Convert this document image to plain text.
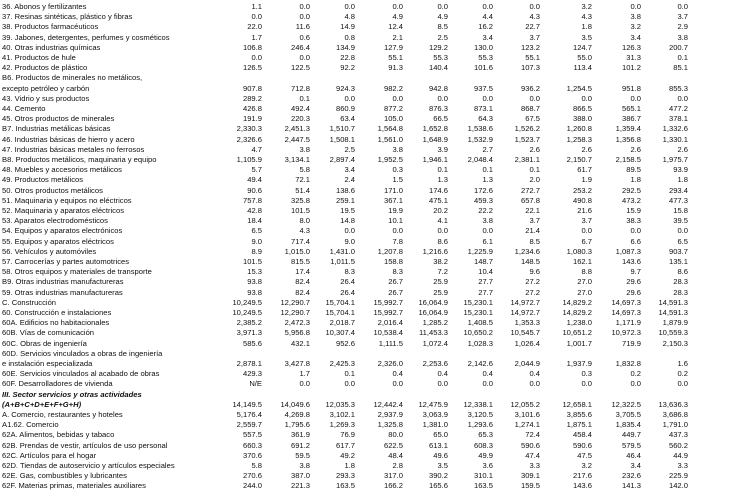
36. Abonos y fertilizantes	1.1	0.0	0.0	0.0	0.0	0.0	0.0	3.2	0.0	0.0
37. Resinas sintéticas, plástico y fibras	0.0	0.0	4.8	4.9	4.9	4.4	4.3	4.3	3.8	3.7
38. Productos farmacéuticos	22.0	11.6	14.9	12.4	8.5	16.2	22.7	1.8	3.2	2.9
39. Jabones, detergentes, perfumes y cosméticos	1.7	0.6	0.8	2.1	2.5	3.4	3.7	3.5	3.4	3.8
40. Otras industrias químicas	106.8	246.4	134.9	127.9	129.2	130.0	123.2	124.7	126.3	200.7
41. Productos de hule	0.0	0.0	22.8	55.1	55.3	55.3	55.1	55.0	31.3	0.1
42. Productos de plástico	126.5	122.5	92.2	91.3	140.4	101.6	107.3	113.4	101.2	85.1
B6. Productos de minerales no metálicos,
excepto petróleo y carbón	907.8	712.8	924.3	982.2	942.8	937.5	936.2	1,254.5	951.8	855.3
43. Vidrio y sus productos	289.2	0.1	0.0	0.0	0.0	0.0	0.0	0.0	0.0	0.0
44. Cemento	426.8	492.4	860.9	877.2	876.3	873.1	868.7	866.5	565.1	477.2
45. Otros productos de minerales	191.9	220.3	63.4	105.0	66.5	64.3	67.5	388.0	386.7	378.1
B7. Industrias metálicas básicas	2,330.3	2,451.3	1,510.7	1,564.8	1,652.8	1,538.6	1,526.2	1,260.8	1,359.4	1,332.6
46. Industrias básicas de hierro y acero	2,326.6	2,447.5	1,508.1	1,561.0	1,648.9	1,532.9	1,523.7	1,258.3	1,356.8	1,330.1
47. Industrias básicas metales no ferrosos	4.7	3.8	2.5	3.8	3.9	2.7	2.6	2.6	2.6	2.6
B8. Productos metálicos, maquinaria y equipo	1,105.9	3,134.1	2,897.4	1,952.5	1,946.1	2,048.4	2,381.1	2,150.7	2,158.5	1,975.7
48. Muebles y accesorios metálicos	5.7	5.8	3.4	0.3	0.1	0.1	0.1	61.7	89.5	93.9
49. Productos metálicos	49.4	72.1	2.4	1.5	1.3	1.3	2.0	1.9	1.8	1.8
50. Otros productos metálicos	90.6	51.4	138.6	171.0	174.6	172.6	272.7	253.2	292.5	293.4
51. Maquinaria y equipos no eléctricos	757.8	325.8	259.1	367.1	475.1	459.3	657.8	490.8	473.2	477.3
52. Maquinaria y aparatos eléctricos	42.8	101.5	19.5	19.9	20.2	22.2	22.1	21.6	15.9	15.8
53. Aparatos electrodomésticos	18.4	8.0	14.8	10.1	4.1	3.8	3.7	3.7	38.3	39.5
54. Equipos y aparatos electrónicos	6.5	4.3	0.0	0.0	0.0	0.0	21.4	0.0	0.0	0.0
55. Equipos y aparatos eléctricos	9.0	717.4	9.0	7.8	8.6	6.1	8.5	6.7	6.6	6.5
56. Vehículos y automóviles	8.9	1,015.0	1,431.0	1,207.8	1,216.6	1,225.9	1,234.6	1,080.3	1,087.3	903.7
57. Carrocerías y partes automotrices	101.5	815.5	1,011.5	158.8	38.2	148.7	148.5	162.1	143.6	135.1
58. Otros equipos y materiales de transporte	15.3	17.4	8.3	8.3	7.2	10.4	9.6	8.8	9.7	8.6
B9. Otras industrias manufactureras	93.8	82.4	26.4	26.7	25.9	27.7	27.2	27.0	29.6	28.3
59. Otras industrias manufactureras	93.8	82.4	26.4	26.7	25.9	27.7	27.2	27.0	29.6	28.3
C. Construcción	10,249.5	12,290.7	15,704.1	15,992.7	16,064.9	15,230.1	14,972.7	14,829.2	14,697.3	14,591.3
60. Construcción e instalaciones	10,249.5	12,290.7	15,704.1	15,992.7	16,064.9	15,230.1	14,972.7	14,829.2	14,697.3	14,591.3
60A. Edificios no habitacionales	2,385.2	2,472.3	2,018.7	2,016.4	1,285.2	1,408.5	1,353.3	1,238.0	1,171.9	1,879.9
60B. Vías de comunicación	3,971.3	5,956.8	10,307.4	10,538.4	11,453.3	10,650.2	10,545.7	10,651.2	10,972.3	10,559.3
60C. Obras de ingeniería	585.6	432.1	952.6	1,111.5	1,072.4	1,028.3	1,026.4	1,001.7	719.9	2,150.3
60D. Servicios vinculados a obras de ingeniería
e instalación especializada	2,878.1	3,427.8	2,425.3	2,326.0	2,253.6	2,142.6	2,044.9	1,937.9	1,832.8	1.6
60E. Servicios vinculados al acabado de obras	429.3	1.7	0.1	0.4	0.4	0.4	0.4	0.3	0.2	0.2
60F. Desarrolladores de vivienda	N/E	0.0	0.0	0.0	0.0	0.0	0.0	0.0	0.0	0.0
III. Sector servicios y otras actividades
(A+B+C+D+E+F+G+H)	14,149.5	14,049.6	12,035.3	12,442.4	12,475.9	12,338.1	12,055.2	12,658.1	12,322.5	13,636.3
A. Comercio, restaurantes y hoteles	5,176.4	4,269.8	3,102.1	2,937.9	3,063.9	3,120.5	3,101.6	3,855.6	3,705.5	3,686.8
A1.62. Comercio	2,559.7	1,795.6	1,269.3	1,325.8	1,381.0	1,293.6	1,274.1	1,875.1	1,835.4	1,791.0
62A. Alimentos, bebidas y tabaco	557.5	361.9	76.9	80.0	65.0	65.3	72.4	458.4	449.7	437.3
62B. Prendas de vestir, artículos de uso personal	660.3	691.2	617.7	622.5	613.1	608.3	590.6	590.6	579.5	560.2
62C. Artículos para el hogar	370.6	59.5	49.2	48.4	49.6	49.9	47.4	47.5	46.4	44.9
62D. Tiendas de autoservicio y artículos especiales	5.8	3.8	1.8	2.8	3.5	3.6	3.3	3.2	3.4	3.3
62E. Gas, combustibles y lubricantes	270.6	387.0	293.3	317.0	390.2	310.1	309.1	217.6	232.6	225.9
62F. Materias primas, materiales auxiliares	244.0	221.3	163.5	166.2	165.6	163.5	159.5	143.6	141.3	142.0
